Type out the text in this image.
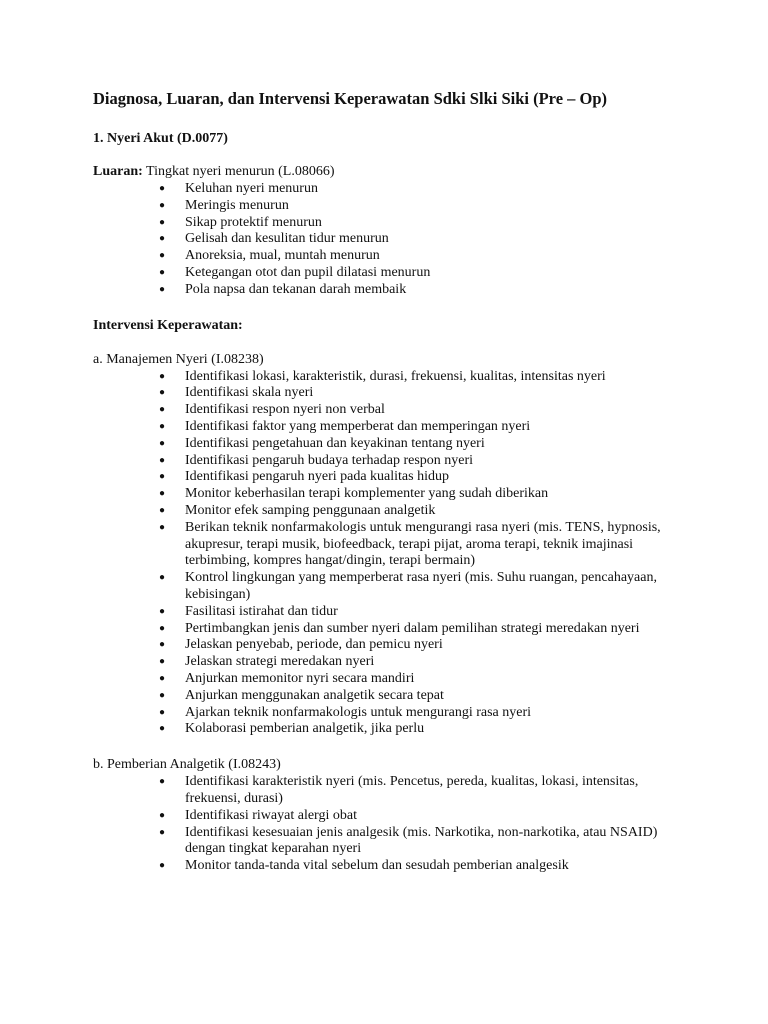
Diagnosa, Luaran, dan Intervensi Keperawatan Sdki Slki Siki (Pre – Op)
1. Nyeri Akut (D.0077)

Luaran: Tingkat nyeri menurun (L.08066)

● Keluhan nyeri menurun
● Meringis menurun
● Sikap protektif menurun
● Gelisah dan kesulitan tidur menurun
● Anoreksia, mual, muntah menurun
● Ketegangan otot dan pupil dilatasi menurun
● Pola napsa dan tekanan darah membaik
Intervensi Keperawatan:
a. Manajemen Nyeri (I.08238)
● Identifikasi lokasi, karakteristik, durasi, frekuensi, kualitas, intensitas nyeri
● Identifikasi skala nyeri
● Identifikasi respon nyeri non verbal
● Identifikasi faktor yang memperberat dan memperingan nyeri
● Identifikasi pengetahuan dan keyakinan tentang nyeri
● Identifikasi pengaruh budaya terhadap respon nyeri
● Identifikasi pengaruh nyeri pada kualitas hidup
● Monitor keberhasilan terapi komplementer yang sudah diberikan
● Monitor efek samping penggunaan analgetik
● Berikan teknik nonfarmakologis untuk mengurangi rasa nyeri (mis. TENS, hypnosis, akupresur, terapi musik, biofeedback, terapi pijat, aroma terapi, teknik imajinasi terbimbing, kompres hangat/dingin, terapi bermain)
● Kontrol lingkungan yang memperberat rasa nyeri (mis. Suhu ruangan, pencahayaan, kebisingan)
● Fasilitasi istirahat dan tidur
● Pertimbangkan jenis dan sumber nyeri dalam pemilihan strategi meredakan nyeri
● Jelaskan penyebab, periode, dan pemicu nyeri
● Jelaskan strategi meredakan nyeri
● Anjurkan memonitor nyri secara mandiri
● Anjurkan menggunakan analgetik secara tepat
● Ajarkan teknik nonfarmakologis untuk mengurangi rasa nyeri
● Kolaborasi pemberian analgetik, jika perlu
b. Pemberian Analgetik (I.08243)
● Identifikasi karakteristik nyeri (mis. Pencetus, pereda, kualitas, lokasi, intensitas, frekuensi, durasi)
● Identifikasi riwayat alergi obat
● Identifikasi kesesuaian jenis analgesik (mis. Narkotika, non-narkotika, atau NSAID) dengan tingkat keparahan nyeri
● Monitor tanda-tanda vital sebelum dan sesudah pemberian analgesik
